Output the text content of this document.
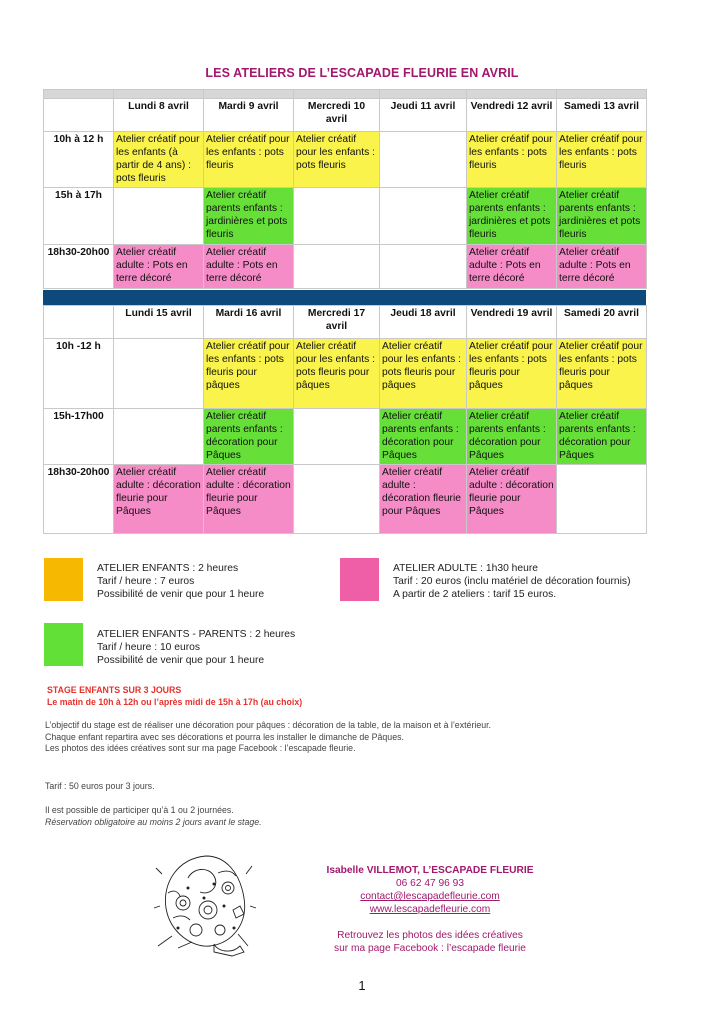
LES ATELIERS DE L’ESCAPADE FLEURIE EN AVRIL

	Lundi 8 avril	Mardi 9 avril	Mercredi 10 avril	Jeudi 11 avril	Vendredi 12 avril	Samedi 13 avril
10h à 12 h	Atelier créatif pour les enfants (à partir de 4 ans) : pots fleuris	Atelier créatif pour les enfants : pots fleuris	Atelier créatif pour les enfants : pots fleuris		Atelier créatif pour les enfants : pots fleuris	Atelier créatif pour les enfants : pots fleuris
15h à 17h		Atelier créatif parents enfants : jardinières et pots fleuris			Atelier créatif parents enfants : jardinières et pots fleuris	Atelier créatif parents enfants : jardinières et pots fleuris
18h30-20h00	Atelier créatif adulte : Pots en terre décoré	Atelier créatif adulte : Pots en terre décoré			Atelier créatif adulte : Pots en terre décoré	Atelier créatif adulte : Pots en terre décoré
	Lundi 15 avril	Mardi 16 avril	Mercredi 17 avril	Jeudi 18 avril	Vendredi 19 avril	Samedi 20 avril
10h -12 h		Atelier créatif pour les enfants : pots fleuris pour pâques	Atelier créatif pour les enfants : pots fleuris pour pâques	Atelier créatif pour les enfants : pots fleuris pour pâques	Atelier créatif pour les enfants : pots fleuris pour pâques	Atelier créatif pour les enfants : pots fleuris pour pâques
15h-17h00		Atelier créatif parents enfants : décoration pour Pâques		Atelier créatif parents enfants : décoration pour Pâques	Atelier créatif parents enfants : décoration pour Pâques	Atelier créatif parents enfants : décoration pour Pâques
18h30-20h00	Atelier créatif adulte : décoration fleurie pour Pâques	Atelier créatif adulte : décoration fleurie pour Pâques		Atelier créatif adulte : décoration fleurie pour Pâques	Atelier créatif adulte : décoration fleurie pour Pâques	
ATELIER ENFANTS : 2 heures
Tarif / heure : 7 euros
Possibilité de venir que pour 1 heure
ATELIER ADULTE : 1h30 heure
Tarif : 20 euros (inclu matériel de décoration fournis)
A partir de 2 ateliers : tarif 15 euros.
ATELIER ENFANTS - PARENTS : 2 heures
Tarif / heure : 10 euros
Possibilité de venir que pour 1 heure
STAGE ENFANTS SUR 3 JOURS
Le matin de 10h à 12h ou l’après midi de 15h à 17h (au choix)
L’objectif du stage est de réaliser une décoration pour pâques : décoration de la table, de la maison et à l’extérieur.
Chaque enfant repartira avec ses décorations et pourra les installer le dimanche de Pâques.
Les photos des idées créatives sont sur ma page Facebook : l’escapade fleurie.
Tarif : 50 euros pour 3 jours.
Il est possible de participer qu’à 1 ou 2 journées.
Réservation obligatoire au moins 2 jours avant le stage.
Isabelle VILLEMOT, L’ESCAPADE FLEURIE
06 62 47 96 93
contact@lescapadefleurie.com
www.lescapadefleurie.com
Retrouvez les photos des idées créatives
sur ma page Facebook : l’escapade fleurie
1
